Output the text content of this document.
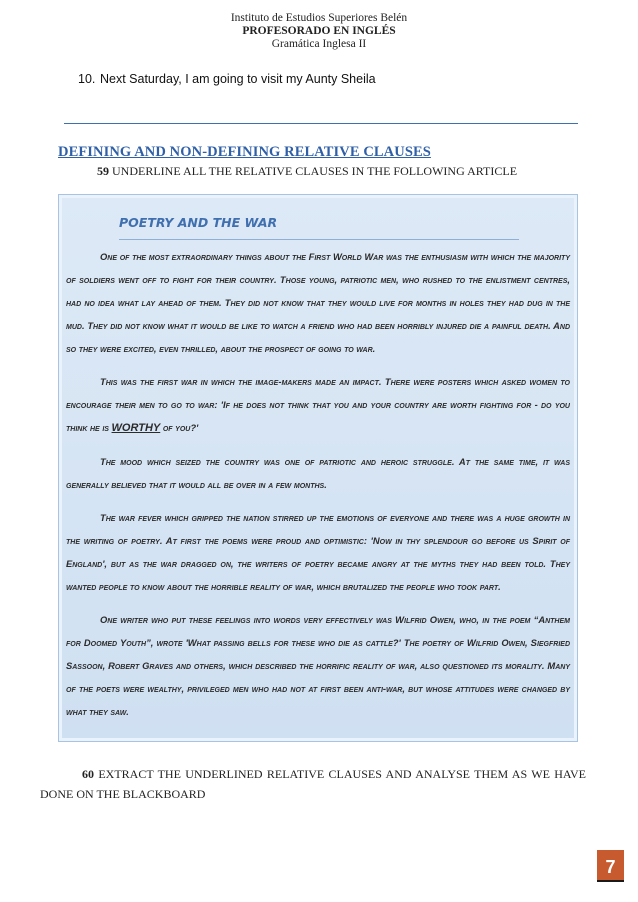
Instituto de Estudios Superiores Belén
PROFESORADO EN INGLÉS
Gramática Inglesa II
10. Next Saturday, I am going to visit my Aunty Sheila
DEFINING AND NON-DEFINING RELATIVE CLAUSES
59 UNDERLINE ALL THE RELATIVE CLAUSES IN THE FOLLOWING ARTICLE
POETRY AND THE WAR

One of the most extraordinary things about the First World War was the enthusiasm with which the majority of soldiers went off to fight for their country. Those young, patriotic men, who rushed to the enlistment centres, had no idea what lay ahead of them. They did not know that they would live for months in holes they had dug in the mud. They did not know what it would be like to watch a friend who had been horribly injured die a painful death. And so they were excited, even thrilled, about the prospect of going to war.

This was the first war in which the image-makers made an impact. There were posters which asked women to encourage their men to go to war: 'If he does not think that you and your country are worth fighting for - do you think he is WORTHY of you?'

The mood which seized the country was one of patriotic and heroic struggle. At the same time, it was generally believed that it would all be over in a few months.

The war fever which gripped the nation stirred up the emotions of everyone and there was a huge growth in the writing of poetry. At first the poems were proud and optimistic: 'Now in thy splendour go before us Spirit of England', but as the war dragged on, the writers of poetry became angry at the myths they had been told. They wanted people to know about the horrible reality of war, which brutalized the people who took part.

One writer who put these feelings into words very effectively was Wilfrid Owen, who, in the poem “Anthem for Doomed Youth”, wrote 'What passing bells for these who die as cattle?' The poetry of Wilfrid Owen, Siegfried Sassoon, Robert Graves and others, which described the horrific reality of war, also questioned its morality. Many of the poets were wealthy, privileged men who had not at first been anti-war, but whose attitudes were changed by what they saw.

60 EXTRACT THE UNDERLINED RELATIVE CLAUSES AND ANALYSE THEM AS WE HAVE DONE ON THE BLACKBOARD
7
